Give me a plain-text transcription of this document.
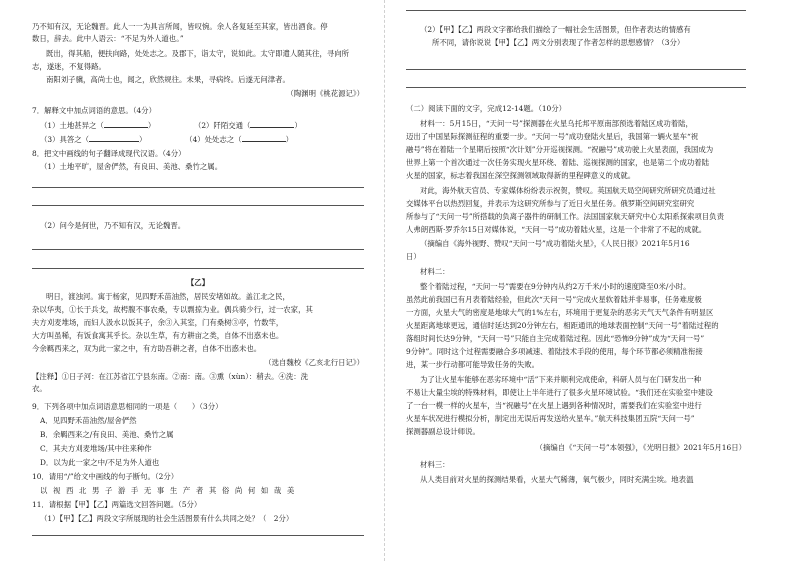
乃不知有汉，无论魏晋。此人一一为具言所闻，皆叹惋。余人各复延至其家，皆出酒食。停
数日，辞去。此中人语云：“不足为外人道也。”
既出，得其船，便扶向路，处处志之。及郡下，诣太守，说如此。太守即遣人随其往，寻向所
志，遂迷，不复得路。
南阳刘子骥，高尚士也，闻之，欣然规往。未果，寻病终。后遂无问津者。
（陶渊明《桃花源记》）
7．解释文中加点词语的意思。（4分）
（1）土地甚异之（	）	（2）阡陌交通（	）
（3）具答之（	）	（4）处处志之（	）
8．把文中画线的句子翻译成现代汉语。（4分）
（1）土地平旷，屋舍俨然，有良田、美池、桑竹之属。
（2）问今是何世，乃不知有汉，无论魏晋。
【乙】
明日，渡浊河。寓于杨家，见四野禾苗油然，居民安堵如故。盖江北之民，
杂以华夷，①长于兵戈，故枵腹不事农桑，专以剽掠为业。偶兵骑少行，过一农家，其
夫方刈麦堆场，而妇人汲水以饭其子，余③入其室，门有桑树③亭，竹数竿，
大方叫虽稀，有饭食寓其乎长。杂以生草，有方耕亩之类，自体不出惑未也。
今余羁西来之，双为此一家之中，有方助吾耕之者，自体不出惑未也。
（选自魏校《乙亥北行日记》）
【注释】①日子河：在江苏省江宁县东南。②南：南。③熏（xùn）：稍去。④洗：洗
衣。
9．下列各项中加点词语意思相同的一项是（　　）（3分）
A．见四野禾苗油然/屋舍俨然
B．余羁西来之/有良田、美池、桑竹之属
C．其夫方刈麦堆场/其中往来种作
D．以为此一家之中/不足为外人道也
10．请用“/”给文中画线的句子断句。（2分）
以视西北男子游手无事生产者其俗尚何如哉美
11．请根据【甲】【乙】两篇选文回答问题。（5分）
（1）【甲】【乙】两段文字所展现的社会生活图景有什么共同之处？（　2分）
（2）【甲】【乙】两段文字都给我们描绘了一幅社会生活图景，但作者表达的情感有
所不同，请你说说【甲】【乙】两文分别表现了作者怎样的思想感情？（3分）
（二）阅读下面的文字，完成12-14题。（10分）
材料一：5月15日，“天问一号”探测器在火星乌托邦平原南部预选着陆区成功着陆，
迈出了中国星际探测征程的重要一步。“天问一号”成功登陆火星后，我国第一辆火星车“祝
融号”将在着陆一个星期后按照“次计划”分开巡视探测。“祝融号”成功驶上火星表面，我国成为
世界上第一个首次通过一次任务实现火星环绕、着陆、巡视探测的国家，也是第二个成功着陆
火星的国家，标志着我国在深空探测领域取得新的里程碑意义的成就。
对此，海外航天官员、专家媒体纷纷表示祝贺，赞叹。英国航天局空间研究所研究员通过社
交媒体平台以热烈回复，并表示为这研究所参与了近日火星任务。俄罗斯空间研究室研究
所参与了“天问一号”所搭载的负离子器件的研制工作。法国国家航天研究中心太阳系探索项目负责
人弗朗西斯·罗乔尔15日对媒体说，“天问一号”成功着陆火星，这是一个非常了不起的成就。
（摘编自《海外视野、赞叹“天问一号”成功着陆火星》，《人民日报》2021年5月16
日）
材料二：
整个着陆过程，“天问一号”需要在9分钟内从约2万千米/小时的速度降至0米/小时。
虽然此前我国已有月表着陆经验，但此次“天问一号”完成火星软着陆并非易事，任务难度极
一方面，火星大气的密度是地球大气的1%左右，环境用于更复杂的恶劣天气天气条件有明显区
火星距离地球更远，通信时延达到20分钟左右，相距通讯的地球表面控制“天问一号”着陆过程的
落组时间长达9分钟，“天问一号”只能自主完成着陆过程。因此“恐怖9分钟”成为“天问一号”
9分钟”。同时这个过程需要融合多项减速、着陆技术手段的使用，每个环节都必须精准衔接
进，某一步行动都可能导致任务的失败。
为了让火星车能够在恶劣环境中“活”下来并顺利完成使命，科研人员与在门研发出一种
不易让大量尘埃的特殊材料，即使让上半年进行了很多火星环境试验。“我们还在实验室中建设
了一台一模一样的火星车，当“祝融号”在火星上遇到各种情况时，需要我们在实验室中进行
火星车状况进行模拟分析，制定出无误后再发送给火星车。”航天科技集团五院“天问一号”
探测器副总设计师说。
（摘编自《“天问一号”本领强》，《光明日报》2021年5月16日）
材料三：
从人类目前对火星的探测结果看，火星大气稀薄，氧气极少，同时充满尘埃。地表温
